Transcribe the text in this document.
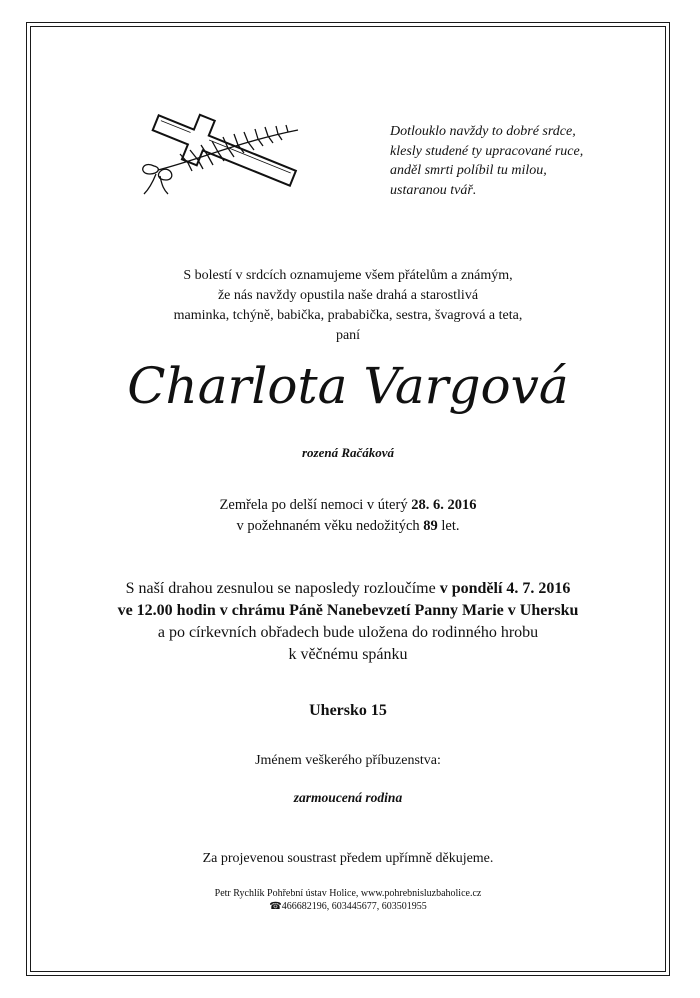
Dotlouklo navždy to dobré srdce,
klesly studené ty upracované ruce,
anděl smrti políbil tu milou,
ustaranou tvář.
S bolestí v srdcích oznamujeme všem přátelům a známým,
že nás navždy opustila naše drahá a starostlivá
maminka, tchýně, babička, prababička, sestra, švagrová a teta,
paní
Charlota Vargová
rozená Račáková
Zemřela po delší nemoci v úterý 28. 6. 2016
v požehnaném věku nedožitých 89 let.
S naší drahou zesnulou se naposledy rozloučíme v pondělí 4. 7. 2016
ve 12.00 hodin v chrámu Páně Nanebevzetí Panny Marie v Uhersku
a po církevních obřadech bude uložena do rodinného hrobu
k věčnému spánku
Uhersko 15
Jménem veškerého příbuzenstva:
zarmoucená rodina
Za projevenou soustrast předem upřímně děkujeme.
Petr Rychlík Pohřební ústav Holice, www.pohrebnisluzbaholice.cz
☎466682196, 603445677, 603501955
